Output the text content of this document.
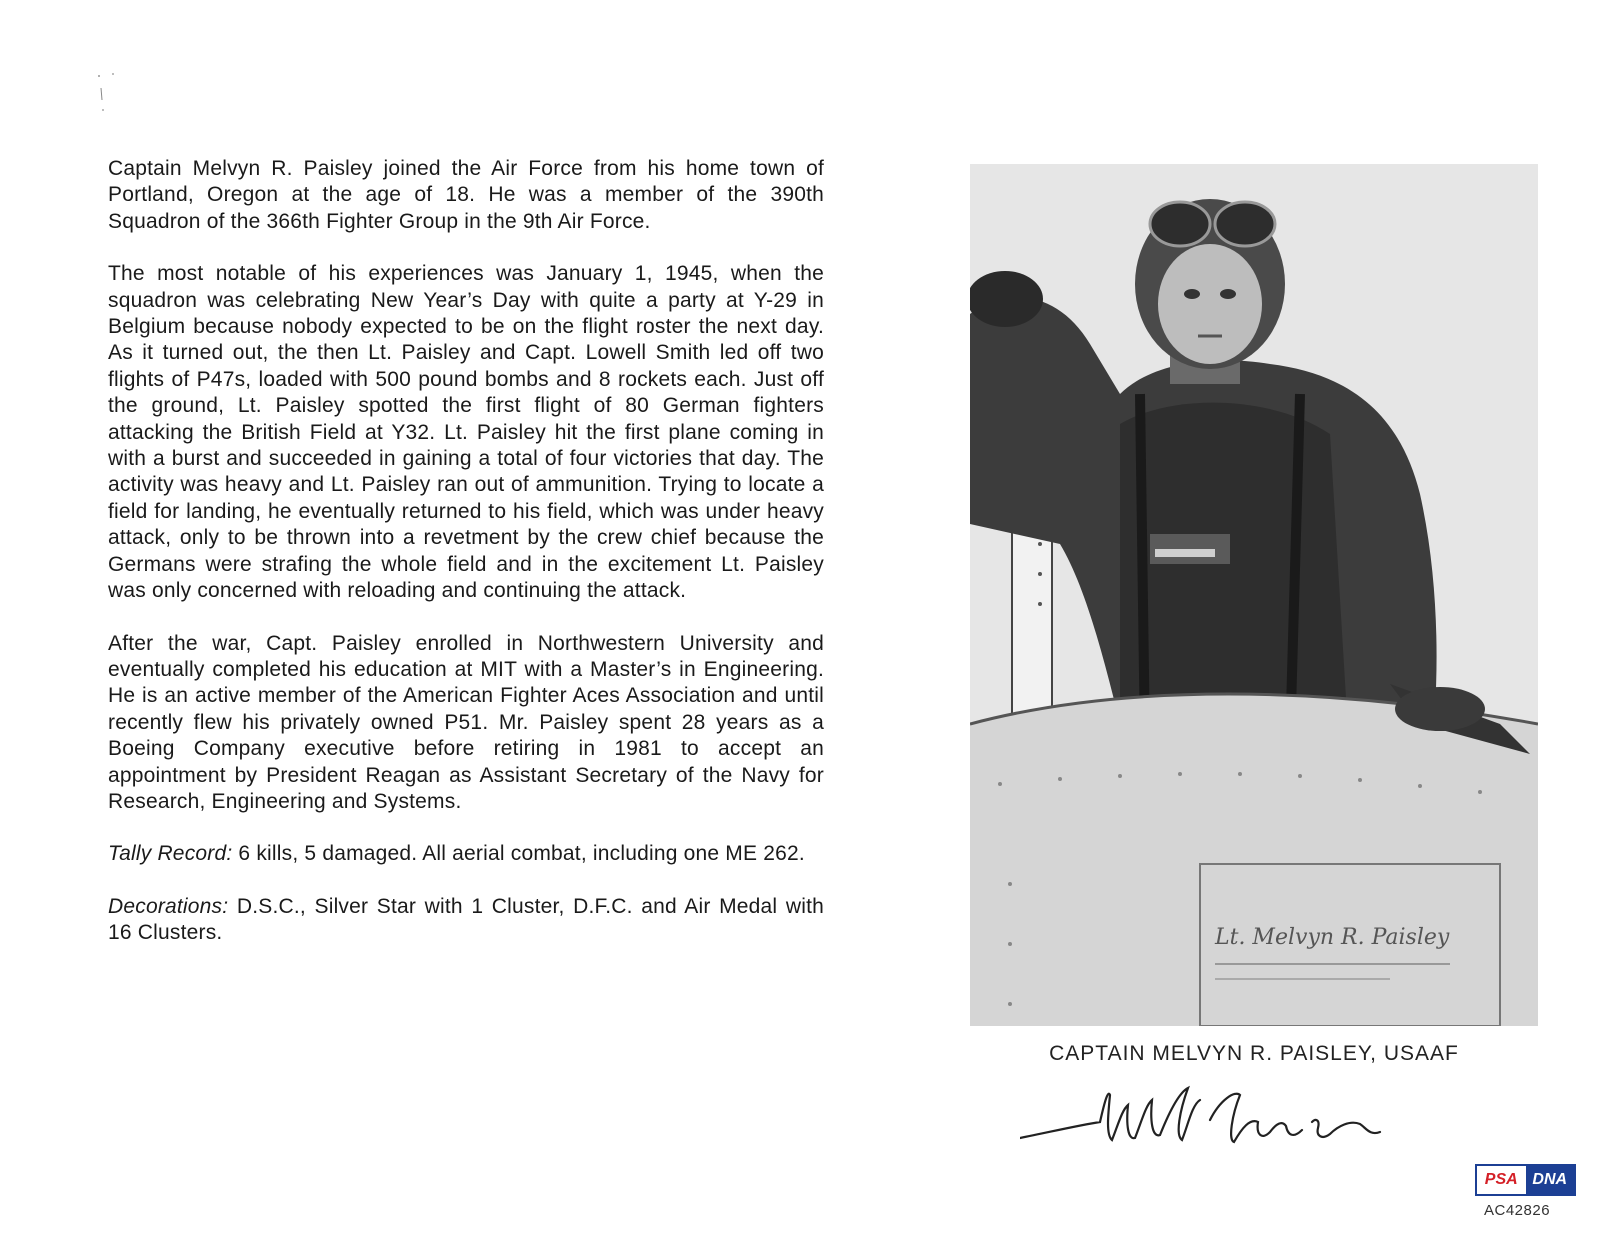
Captain Melvyn R. Paisley joined the Air Force from his home town of Portland, Oregon at the age of 18. He was a member of the 390th Squadron of the 366th Fighter Group in the 9th Air Force.

The most notable of his experiences was January 1, 1945, when the squadron was celebrating New Year’s Day with quite a party at Y-29 in Belgium because nobody expected to be on the flight roster the next day. As it turned out, the then Lt. Paisley and Capt. Lowell Smith led off two flights of P47s, loaded with 500 pound bombs and 8 rockets each. Just off the ground, Lt. Paisley spotted the first flight of 80 German fighters attacking the British Field at Y32. Lt. Paisley hit the first plane coming in with a burst and succeeded in gaining a total of four victories that day. The activity was heavy and Lt. Paisley ran out of ammunition. Trying to locate a field for landing, he eventually returned to his field, which was under heavy attack, only to be thrown into a revetment by the crew chief because the Germans were strafing the whole field and in the excitement Lt. Paisley was only concerned with reloading and continuing the attack.

After the war, Capt. Paisley enrolled in Northwestern University and eventually completed his education at MIT with a Master’s in Engineering. He is an active member of the American Fighter Aces Association and until recently flew his privately owned P51. Mr. Paisley spent 28 years as a Boeing Company executive before retiring in 1981 to accept an appointment by President Reagan as Assistant Secretary of the Navy for Research, Engineering and Systems.

Tally Record: 6 kills, 5 damaged. All aerial combat, including one ME 262.

Decorations: D.S.C., Silver Star with 1 Cluster, D.F.C. and Air Medal with 16 Clusters.	Lt. Melvyn R. Paisley
CAPTAIN MELVYN R. PAISLEY, USAAF
PSA DNA
AC42826
